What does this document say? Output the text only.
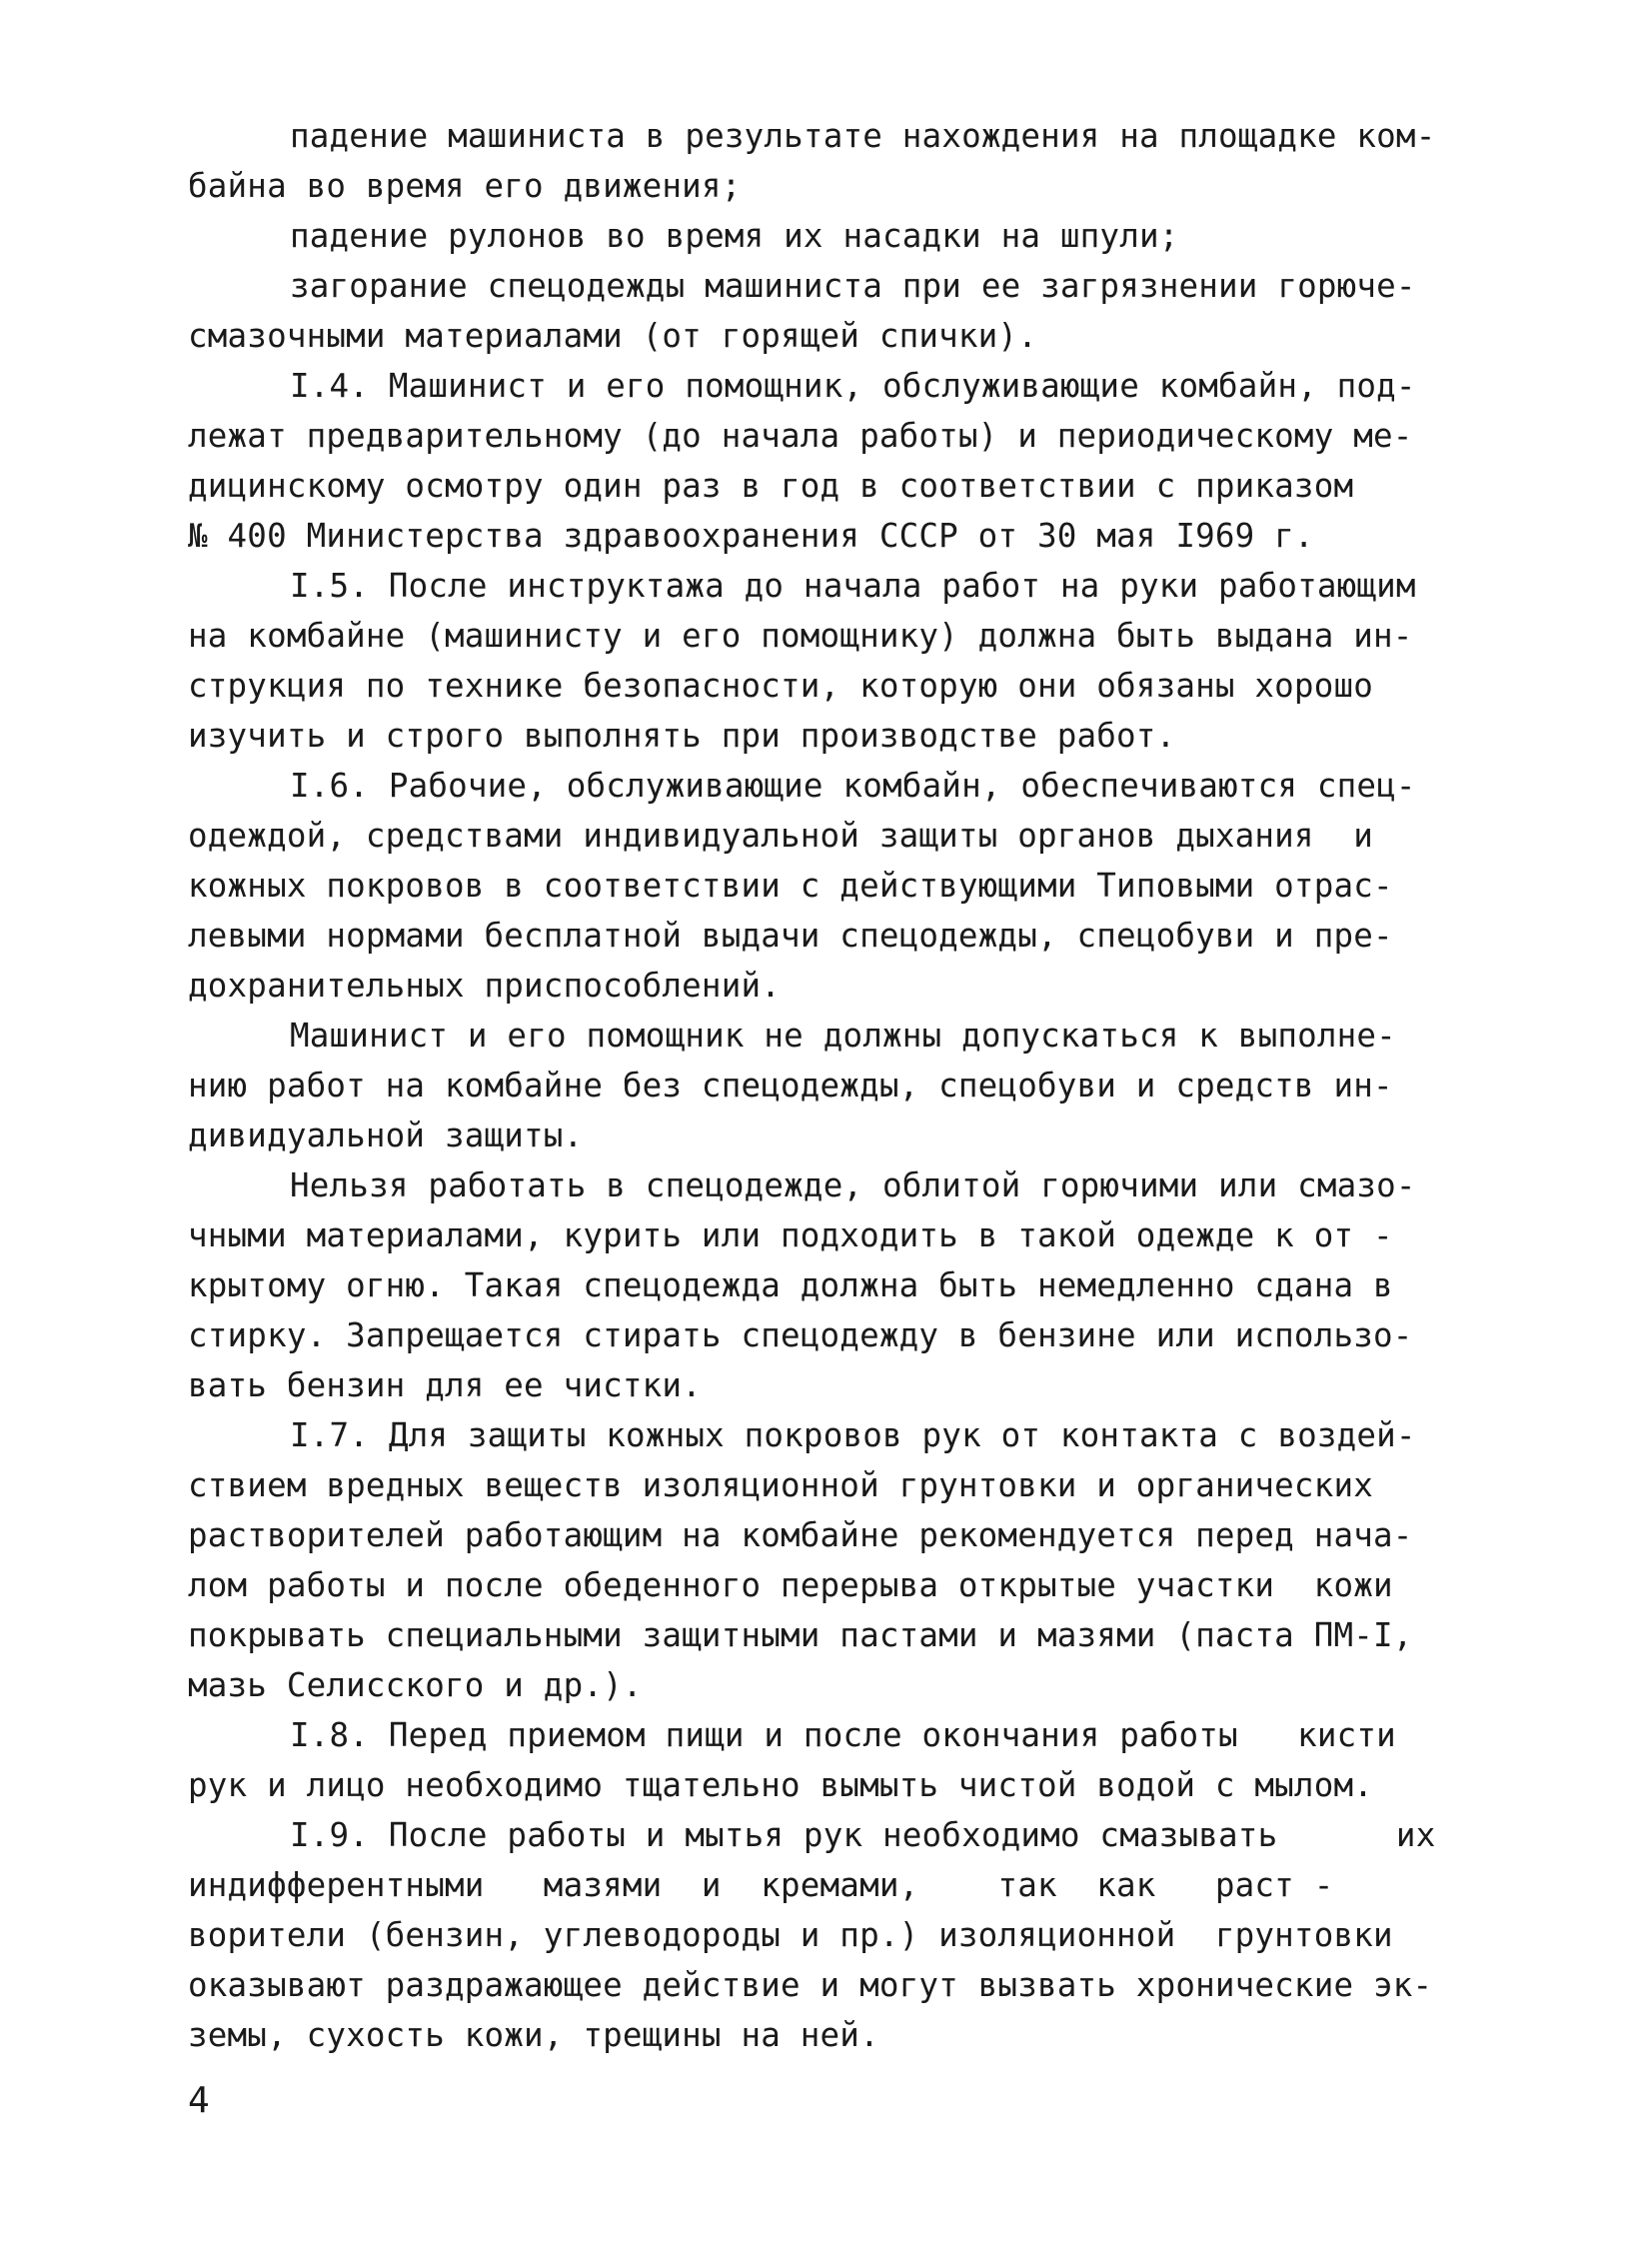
падение машиниста в результате нахождения на площадке ком-
байна во время его движения;
падение рулонов во время их насадки на шпули;
загорание спецодежды машиниста при ее загрязнении горюче-
смазочными материалами (от горящей спички).
I.4. Машинист и его помощник, обслуживающие комбайн, под-
лежат предварительному (до начала работы) и периодическому ме-
дицинскому осмотру один раз в год в соответствии с приказом
№ 400 Министерства здравоохранения СССР от 30 мая I969 г.
I.5. После инструктажа до начала работ на руки работающим
на комбайне (машинисту и его помощнику) должна быть выдана ин-
струкция по технике безопасности, которую они обязаны хорошо
изучить и строго выполнять при производстве работ.
I.6. Рабочие, обслуживающие комбайн, обеспечиваются спец-
одеждой, средствами индивидуальной защиты органов дыхания  и
кожных покровов в соответствии с действующими Типовыми отрас-
левыми нормами бесплатной выдачи спецодежды, спецобуви и пре-
дохранительных приспособлений.
Машинист и его помощник не должны допускаться к выполне-
нию работ на комбайне без спецодежды, спецобуви и средств ин-
дивидуальной защиты.
Нельзя работать в спецодежде, облитой горючими или смазо-
чными материалами, курить или подходить в такой одежде к от -
крытому огню. Такая спецодежда должна быть немедленно сдана в
стирку. Запрещается стирать спецодежду в бензине или использо-
вать бензин для ее чистки.
I.7. Для защиты кожных покровов рук от контакта с воздей-
ствием вредных веществ изоляционной грунтовки и органических
растворителей работающим на комбайне рекомендуется перед нача-
лом работы и после обеденного перерыва открытые участки  кожи
покрывать специальными защитными пастами и мазями (паста ПМ-I,
мазь Селисского и др.).
I.8. Перед приемом пищи и после окончания работы   кисти
рук и лицо необходимо тщательно вымыть чистой водой с мылом.
I.9. После работы и мытья рук необходимо смазывать      их
индифферентными   мазями  и  кремами,    так  как   раст -
ворители (бензин, углеводороды и пр.) изоляционной  грунтовки
оказывают раздражающее действие и могут вызвать хронические эк-
земы, сухость кожи, трещины на ней.
4
